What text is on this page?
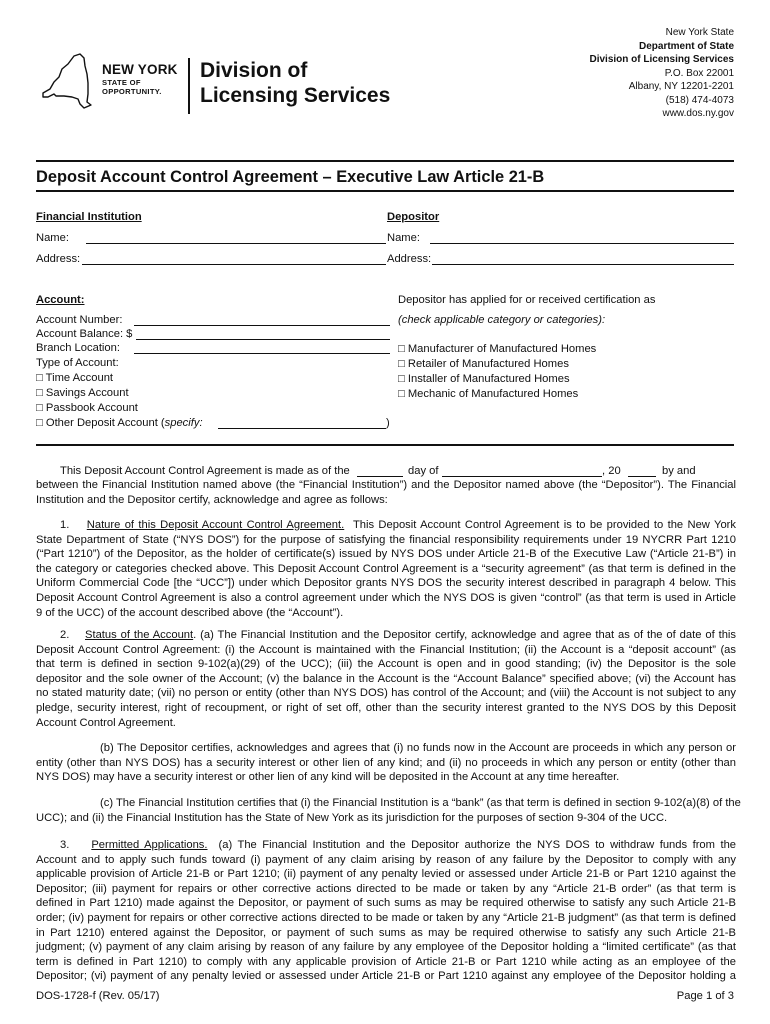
NEW YORK
STATE OF
OPPORTUNITY.
Division of
Licensing Services
New York State
Department of State
Division of Licensing Services
P.O. Box 22001
Albany, NY 12201-2201
(518) 474-4073
www.dos.ny.gov
Deposit Account Control Agreement – Executive Law Article 21-B
Financial Institution	Depositor
Name:	Name:
Address:	Address:
Account:
Account Number:
Account Balance: $
Branch Location:
Type of Account:
□ Time Account
□ Savings Account
□ Passbook Account
□ Other Deposit Account (specify:	)
Depositor has applied for or received certification as
(check applicable category or categories):
□ Manufacturer of Manufactured Homes
□ Retailer of Manufactured Homes
□ Installer of Manufactured Homes
□ Mechanic of Manufactured Homes
This Deposit Account Control Agreement is made as of the	day of	, 20	by and
between the Financial Institution named above (the “Financial Institution”) and the Depositor named above (the “Depositor”). The Financial
Institution and the Depositor certify, acknowledge and agree as follows:
1. Nature of this Deposit Account Control Agreement. This Deposit Account Control Agreement is to be provided to the New York
State Department of State (“NYS DOS”) for the purpose of satisfying the financial responsibility requirements under 19 NYCRR Part 1210
(“Part 1210”) of the Depositor, as the holder of certificate(s) issued by NYS DOS under Article 21-B of the Executive Law (“Article 21-B”) in
the category or categories checked above. This Deposit Account Control Agreement is a “security agreement” (as that term is defined in the
Uniform Commercial Code [the “UCC”]) under which Depositor grants NYS DOS the security interest described in paragraph 4 below. This
Deposit Account Control Agreement is also a control agreement under which the NYS DOS is given “control” (as that term is used in Article
9 of the UCC) of the account described above (the “Account”).
2. Status of the Account. (a) The Financial Institution and the Depositor certify, acknowledge and agree that as of the of date of this
Deposit Account Control Agreement: (i) the Account is maintained with the Financial Institution; (ii) the Account is a “deposit account” (as
that term is defined in section 9-102(a)(29) of the UCC); (iii) the Account is open and in good standing; (iv) the Depositor is the sole
depositor and the sole owner of the Account; (v) the balance in the Account is the “Account Balance” specified above; (vi) the Account has
no stated maturity date; (vii) no person or entity (other than NYS DOS) has control of the Account; and (viii) the Account is not subject to any
pledge, security interest, right of recoupment, or right of set off, other than the security interest granted to the NYS DOS by this Deposit
Account Control Agreement.
(b) The Depositor certifies, acknowledges and agrees that (i) no funds now in the Account are proceeds in which any person or
entity (other than NYS DOS) has a security interest or other lien of any kind; and (ii) no proceeds in which any person or entity (other than
NYS DOS) may have a security interest or other lien of any kind will be deposited in the Account at any time hereafter.
(c) The Financial Institution certifies that (i) the Financial Institution is a “bank” (as that term is defined in section 9-102(a)(8) of the
UCC); and (ii) the Financial Institution has the State of New York as its jurisdiction for the purposes of section 9-304 of the UCC.
3. Permitted Applications. (a) The Financial Institution and the Depositor authorize the NYS DOS to withdraw funds from the
Account and to apply such funds toward (i) payment of any claim arising by reason of any failure by the Depositor to comply with any
applicable provision of Article 21-B or Part 1210; (ii) payment of any penalty levied or assessed under Article 21-B or Part 1210 against the
Depositor; (iii) payment for repairs or other corrective actions directed to be made or taken by any “Article 21-B order” (as that term is
defined in Part 1210) made against the Depositor, or payment of such sums as may be required otherwise to satisfy any such Article 21-B
order; (iv) payment for repairs or other corrective actions directed to be made or taken by any “Article 21-B judgment” (as that term is defined
in Part 1210) entered against the Depositor, or payment of such sums as may be required otherwise to satisfy any such Article 21-B
judgment; (v) payment of any claim arising by reason of any failure by any employee of the Depositor holding a “limited certificate” (as that
term is defined in Part 1210) to comply with any applicable provision of Article 21-B or Part 1210 while acting as an employee of the
Depositor; (vi) payment of any penalty levied or assessed under Article 21-B or Part 1210 against any employee of the Depositor holding a
DOS-1728-f (Rev. 05/17)	Page 1 of 3
